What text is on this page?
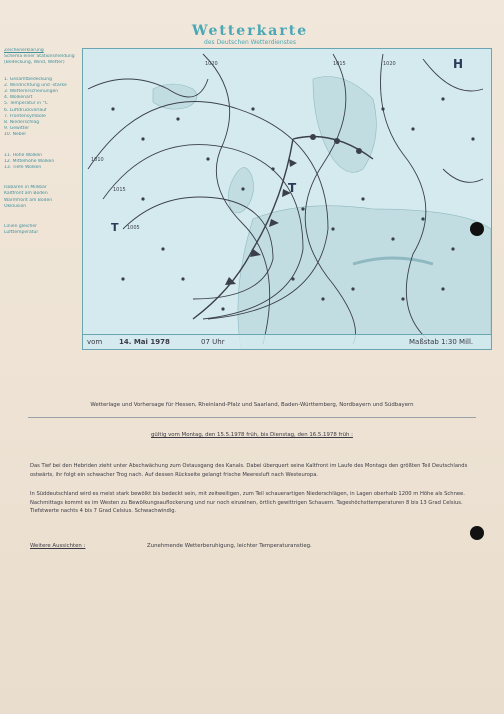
Wetterkarte
des Deutschen Wetterdienstes
Zeichenerklärung
Schema einer Stationsmeldung
(Bedeckung, Wind, Wetter)
1. Gesamtbedeckung
2. Windrichtung und -stärke
3. Wettererscheinungen
4. Wolkenart
5. Temperatur in °C
6. Luftdruckverlauf
7. Frontensymbole
8. Niederschlag
9. Gewitter
10. Nebel
11. Hohe Wolken
12. Mittelhohe Wolken
13. Tiefe Wolken
Isobaren in Millibar
Kaltfront am Boden
Warmfront am Boden
Okklusion
Linien gleicher
Lufttemperatur
H
T
T
1010
1015
1020
1005
1015	1020
vom 14. Mai 1978	07 Uhr	Maßstab 1:30 Mill.
Wetterlage und Vorhersage für Hessen, Rheinland-Pfalz und Saarland, Baden-Württemberg, Nordbayern und Südbayern
gültig vom Montag, den 15.5.1978 früh, bis Dienstag, den 16.5.1978 früh :
Das Tief bei den Hebriden zieht unter Abschwächung zum Ostausgang des Kanals. Dabei überquert seine Kaltfront im Laufe des Montags den größten Teil Deutschlands ostwärts, ihr folgt ein schwacher Trog nach. Auf dessen Rückseite gelangt frische Meeresluft nach Westeuropa.
In Süddeutschland wird es meist stark bewölkt bis bedeckt sein, mit zeitweiligen, zum Teil schauerartigen Niederschlägen, in Lagen oberhalb 1200 m Höhe als Schnee. Nachmittags kommt es im Westen zu Bewölkungsauflockerung und nur noch einzelnen, örtlich gewittrigen Schauern. Tageshöchsttemperaturen 8 bis 13 Grad Celsius. Tiefstwerte nachts 4 bis 7 Grad Celsius. Schwachwindig.
Weitere Aussichten :	Zunehmende Wetterberuhigung, leichter Temperaturanstieg.
